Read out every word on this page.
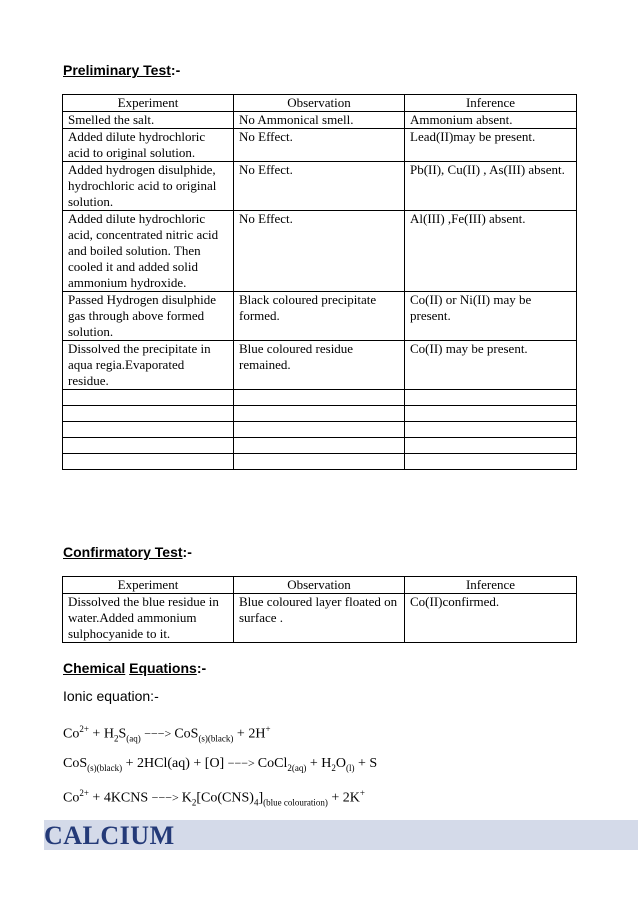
Preliminary Test:-
Experiment	Observation	Inference
Smelled the salt.	No Ammonical smell.	Ammonium absent.
Added dilute hydrochloric acid to original solution.	No Effect.	Lead(II)may be present.
Added hydrogen disulphide, hydrochloric acid to original solution.	No Effect.	Pb(II), Cu(II) , As(III) absent.
Added dilute hydrochloric acid, concentrated nitric acid and boiled solution. Then cooled it and added solid ammonium hydroxide.	No Effect.	Al(III) ,Fe(III) absent.
Passed Hydrogen disulphide gas through above formed solution.	Black coloured precipitate formed.	Co(II) or Ni(II) may be present.
Dissolved the precipitate in aqua regia.Evaporated residue.	Blue coloured residue remained.	Co(II) may be present.

Confirmatory Test:-
Experiment	Observation	Inference
Dissolved the blue residue in water.Added ammonium sulphocyanide to it.	Blue coloured layer floated on surface .	Co(II)confirmed.
Chemical Equations:-
Ionic equation:-
$Co^{2+} + H_2S_{(aq)}$ −−−> CoS$_{(s)(black)}$ + 2H+
CoS$_{(s)(black)}$ + 2HCl(aq) + [O] −−−> CoCl$_{2(aq)}$ + $H_2O_{(l)} + S$
$Co^{2+}$ + 4KCNS −−−> $K_2[Co(CNS)_4]_{(blue colouration)} + 2K^+$
CALCIUM
